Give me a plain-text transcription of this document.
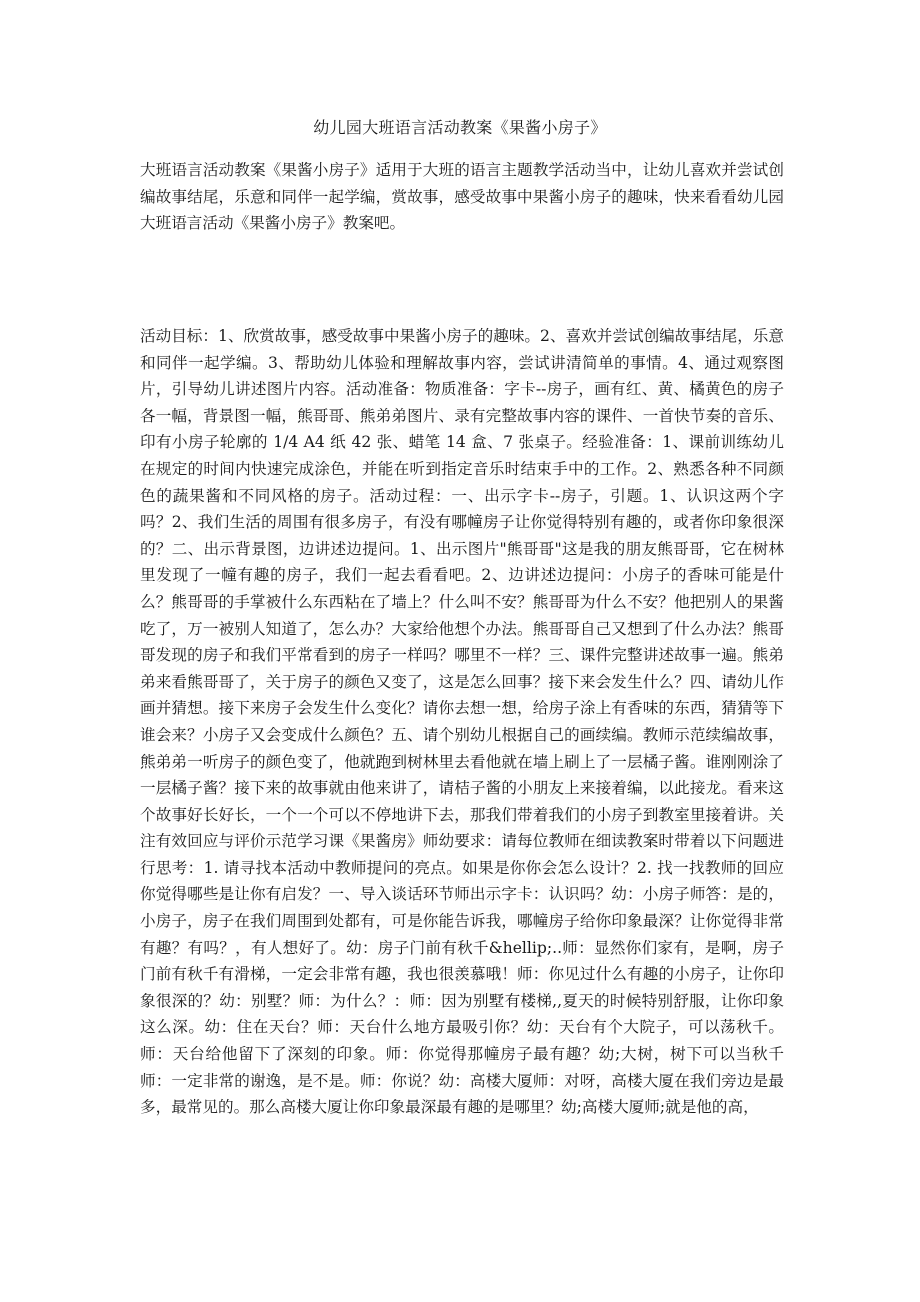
幼儿园大班语言活动教案《果酱小房子》

大班语言活动教案《果酱小房子》适用于大班的语言主题教学活动当中，让幼儿喜欢并尝试创编故事结尾，乐意和同伴一起学编，赏故事，感受故事中果酱小房子的趣味，快来看看幼儿园大班语言活动《果酱小房子》教案吧。

活动目标：1、欣赏故事，感受故事中果酱小房子的趣味。2、喜欢并尝试创编故事结尾，乐意和同伴一起学编。3、帮助幼儿体验和理解故事内容，尝试讲清简单的事情。4、通过观察图片，引导幼儿讲述图片内容。活动准备：物质准备：字卡--房子，画有红、黄、橘黄色的房子各一幅，背景图一幅，熊哥哥、熊弟弟图片、录有完整故事内容的课件、一首快节奏的音乐、印有小房子轮廓的 1/4 A4 纸 42 张、蜡笔 14 盒、7 张桌子。经验准备：1、课前训练幼儿在规定的时间内快速完成涂色，并能在听到指定音乐时结束手中的工作。2、熟悉各种不同颜色的蔬果酱和不同风格的房子。活动过程：一、出示字卡--房子，引题。1、认识这两个字吗？2、我们生活的周围有很多房子，有没有哪幢房子让你觉得特别有趣的，或者你印象很深的？二、出示背景图，边讲述边提问。1、出示图片"熊哥哥"这是我的朋友熊哥哥，它在树林里发现了一幢有趣的房子，我们一起去看看吧。2、边讲述边提问：小房子的香味可能是什么？熊哥哥的手掌被什么东西粘在了墙上？什么叫不安？熊哥哥为什么不安？他把别人的果酱吃了，万一被别人知道了，怎么办？大家给他想个办法。熊哥哥自己又想到了什么办法？熊哥哥发现的房子和我们平常看到的房子一样吗？哪里不一样？三、课件完整讲述故事一遍。熊弟弟来看熊哥哥了，关于房子的颜色又变了，这是怎么回事？接下来会发生什么？四、请幼儿作画并猜想。接下来房子会发生什么变化？请你去想一想，给房子涂上有香味的东西，猜猜等下谁会来？小房子又会变成什么颜色？五、请个别幼儿根据自己的画续编。教师示范续编故事，熊弟弟一听房子的颜色变了，他就跑到树林里去看他就在墙上刷上了一层橘子酱。谁刚刚涂了一层橘子酱？接下来的故事就由他来讲了，请桔子酱的小朋友上来接着编，以此接龙。看来这个故事好长好长，一个一个可以不停地讲下去，那我们带着我们的小房子到教室里接着讲。关注有效回应与评价示范学习课《果酱房》师幼要求：请每位教师在细读教案时带着以下问题进行思考：1. 请寻找本活动中教师提问的亮点。如果是你你会怎么设计？2. 找一找教师的回应你觉得哪些是让你有启发？一、导入谈话环节师出示字卡：认识吗？幼：小房子师答：是的，小房子，房子在我们周围到处都有，可是你能告诉我，哪幢房子给你印象最深？让你觉得非常有趣？有吗？，有人想好了。幼：房子门前有秋千&hellip;..师：显然你们家有，是啊，房子门前有秋千有滑梯，一定会非常有趣，我也很羡慕哦！师：你见过什么有趣的小房子，让你印象很深的？幼：别墅？师：为什么？：师：因为别墅有楼梯,,夏天的时候特别舒服，让你印象这么深。幼：住在天台？师：天台什么地方最吸引你？幼：天台有个大院子，可以荡秋千。师：天台给他留下了深刻的印象。师：你觉得那幢房子最有趣？幼;大树，树下可以当秋千师：一定非常的谢逸，是不是。师：你说？幼：高楼大厦师：对呀，高楼大厦在我们旁边是最多，最常见的。那么高楼大厦让你印象最深最有趣的是哪里？幼;高楼大厦师;就是他的高，
